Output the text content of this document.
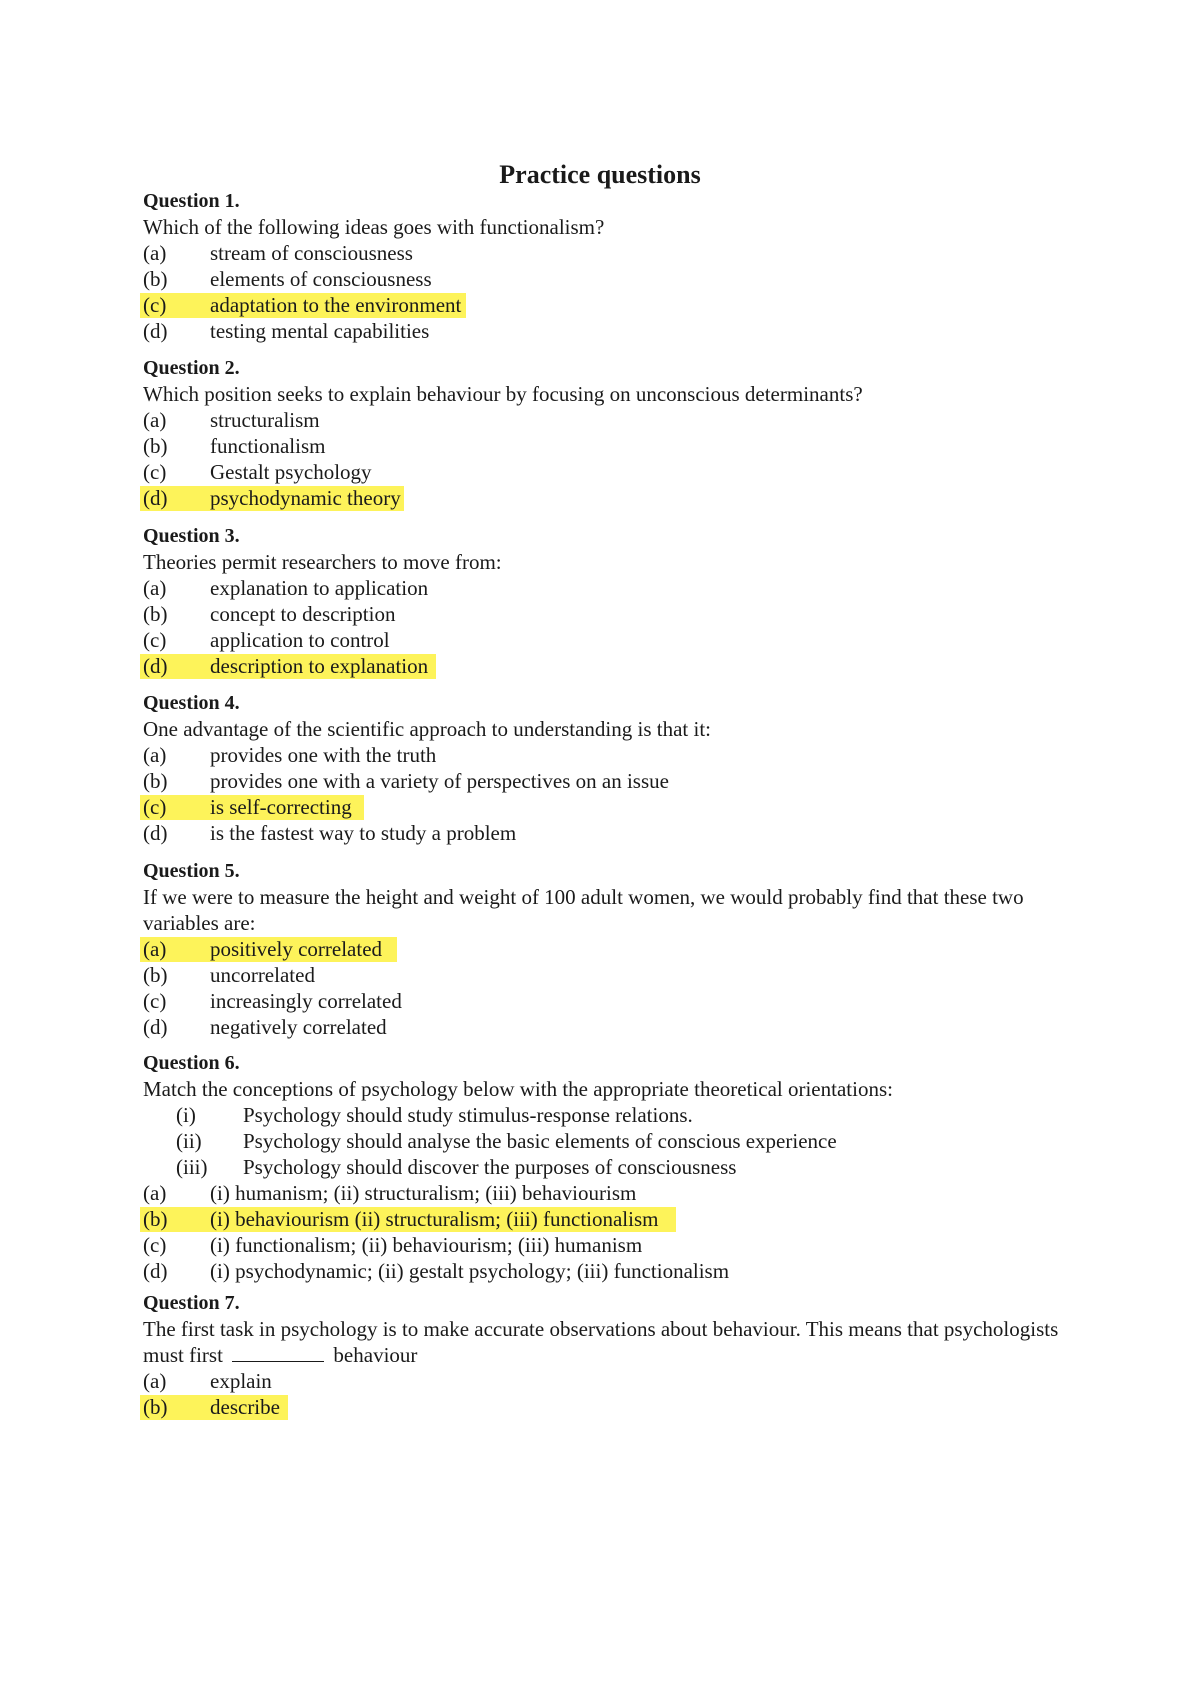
Practice questions
Question 1.
Which of the following ideas goes with functionalism?
(a) stream of consciousness
(b) elements of consciousness
(c) adaptation to the environment
(d) testing mental capabilities
Question 2.
Which position seeks to explain behaviour by focusing on unconscious determinants?
(a) structuralism
(b) functionalism
(c) Gestalt psychology
(d) psychodynamic theory
Question 3.
Theories permit researchers to move from:
(a) explanation to application
(b) concept to description
(c) application to control
(d) description to explanation
Question 4.
One advantage of the scientific approach to understanding is that it:
(a) provides one with the truth
(b) provides one with a variety of perspectives on an issue
(c) is self-correcting
(d) is the fastest way to study a problem
Question 5.
If we were to measure the height and weight of 100 adult women, we would probably find that these two variables are:
(a) positively correlated
(b) uncorrelated
(c) increasingly correlated
(d) negatively correlated
Question 6.
Match the conceptions of psychology below with the appropriate theoretical orientations:
(i) Psychology should study stimulus-response relations.
(ii) Psychology should analyse the basic elements of conscious experience
(iii) Psychology should discover the purposes of consciousness
(a) (i) humanism; (ii) structuralism; (iii) behaviourism
(b) (i) behaviourism (ii) structuralism; (iii) functionalism
(c) (i) functionalism; (ii) behaviourism; (iii) humanism
(d) (i) psychodynamic; (ii) gestalt psychology; (iii) functionalism
Question 7.
The first task in psychology is to make accurate observations about behaviour. This means that psychologists must first	behaviour
(a) explain
(b) describe
